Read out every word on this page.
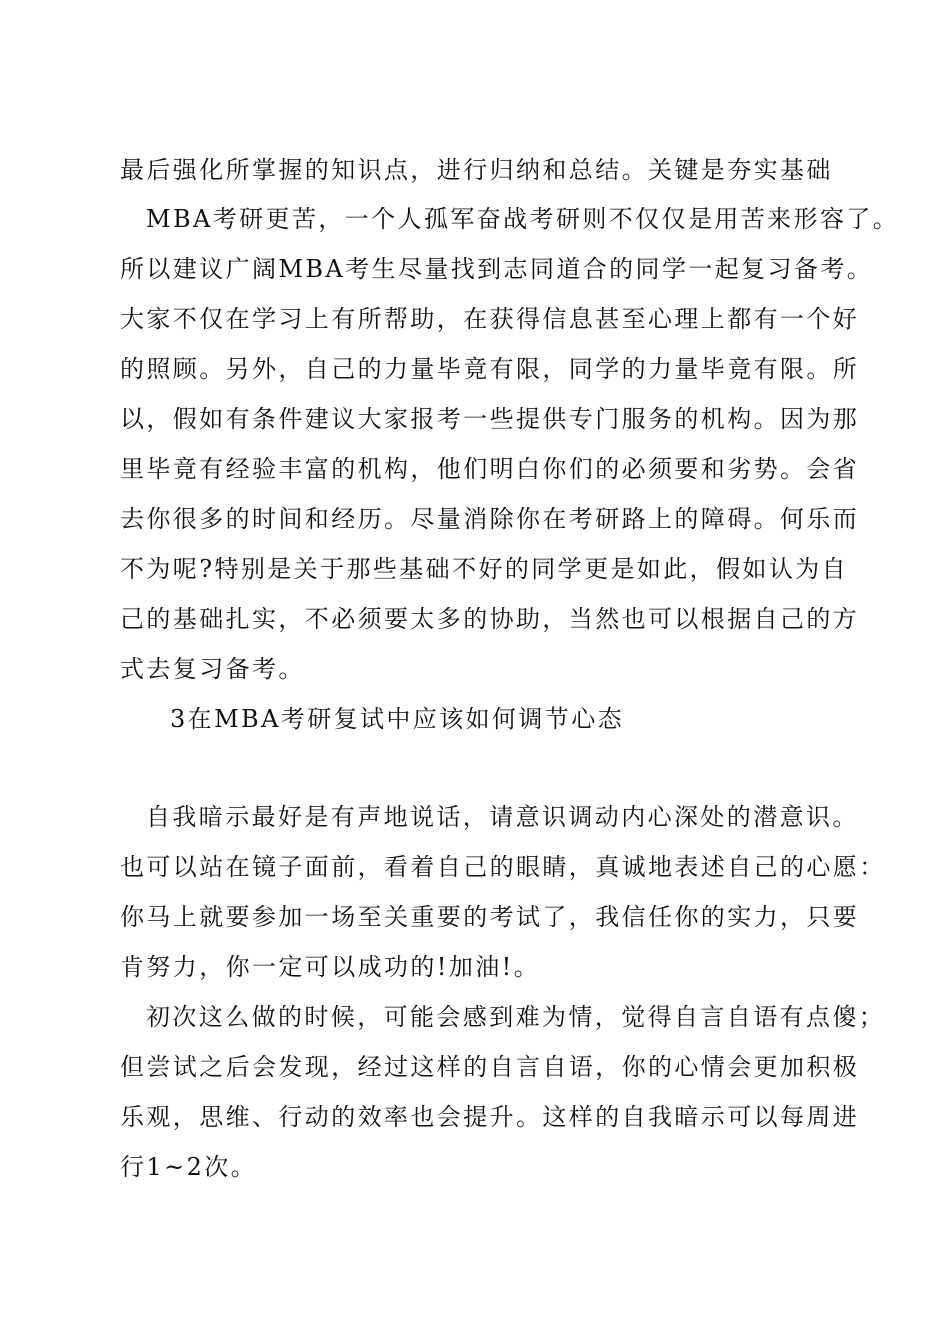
最后强化所掌握的知识点，进行归纳和总结。关键是夯实基础
MBA考研更苦，一个人孤军奋战考研则不仅仅是用苦来形容了。
所以建议广阔MBA考生尽量找到志同道合的同学一起复习备考。
大家不仅在学习上有所帮助，在获得信息甚至心理上都有一个好
的照顾。另外，自己的力量毕竟有限，同学的力量毕竟有限。所
以，假如有条件建议大家报考一些提供专门服务的机构。因为那
里毕竟有经验丰富的机构，他们明白你们的必须要和劣势。会省
去你很多的时间和经历。尽量消除你在考研路上的障碍。何乐而
不为呢?特别是关于那些基础不好的同学更是如此，假如认为自
己的基础扎实，不必须要太多的协助，当然也可以根据自己的方
式去复习备考。
3在MBA考研复试中应该如何调节心态
自我暗示最好是有声地说话，请意识调动内心深处的潜意识。
也可以站在镜子面前，看着自己的眼睛，真诚地表述自己的心愿：
你马上就要参加一场至关重要的考试了，我信任你的实力，只要
肯努力，你一定可以成功的!加油!。
初次这么做的时候，可能会感到难为情，觉得自言自语有点傻；
但尝试之后会发现，经过这样的自言自语，你的心情会更加积极
乐观，思维、行动的效率也会提升。这样的自我暗示可以每周进
行1~2次。
